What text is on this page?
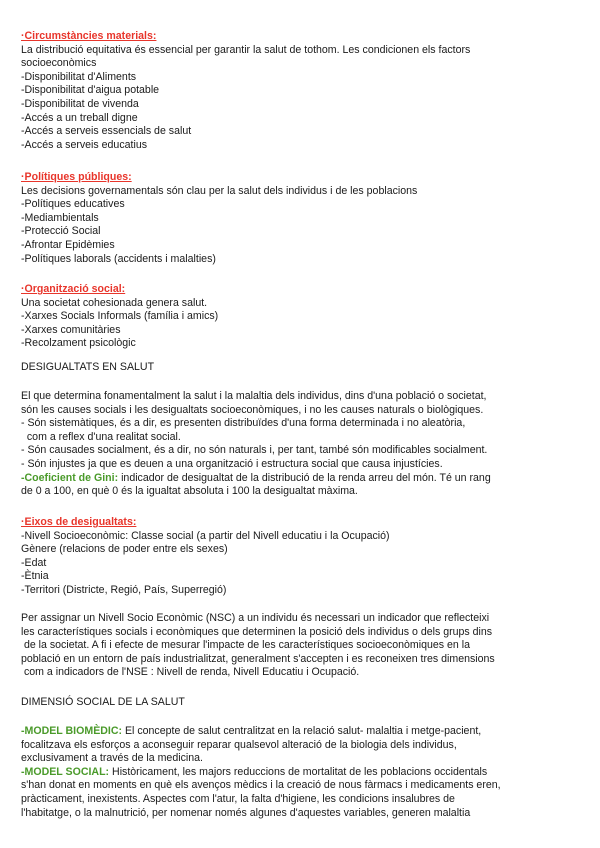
·Circumstàncies materials:
La distribució equitativa és essencial per garantir la salut de tothom. Les condicionen els factors
socioeconòmics
-Disponibilitat d'Aliments
-Disponibilitat d'aigua potable
-Disponibilitat de vivenda
-Accés a un treball digne
-Accés a serveis essencials de salut
-Accés a serveis educatius
·Polítiques públiques:
Les decisions governamentals són clau per la salut dels individus i de les poblacions
-Polítiques educatives
-Mediambientals
-Protecció Social
-Afrontar Epidèmies
-Polítiques laborals (accidents i malalties)
·Organització social:
Una societat cohesionada genera salut.
-Xarxes Socials Informals (família i amics)
-Xarxes comunitàries
-Recolzament psicològic
DESIGUALTATS EN SALUT
El que determina fonamentalment la salut i la malaltia dels individus, dins d'una població o societat,
són les causes socials i les desigualtats socioeconòmiques, i no les causes naturals o biològiques.
- Són sistemàtiques, és a dir, es presenten distribuïdes d'una forma determinada i no aleatòria,
com a reflex d'una realitat social.
- Són causades socialment, és a dir, no són naturals i, per tant, també són modificables socialment.
- Són injustes ja que es deuen a una organització i estructura social que causa injustícies.
-Coeficient de Gini: indicador de desigualtat de la distribució de la renda arreu del món. Té un rang
de 0 a 100, en què 0 és la igualtat absoluta i 100 la desigualtat màxima.
·Eixos de desigualtats:
-Nivell Socioeconòmic: Classe social (a partir del Nivell educatiu i la Ocupació)
Gènere (relacions de poder entre els sexes)
-Edat
-Ètnia
-Territori (Districte, Regió, País, Superregió)
Per assignar un Nivell Socio Econòmic (NSC) a un individu és necessari un indicador que reflecteixi
les característiques socials i econòmiques que determinen la posició dels individus o dels grups dins
de la societat. A fi i efecte de mesurar l'impacte de les característiques socioeconòmiques en la
població en un entorn de país industrialitzat, generalment s'accepten i es reconeixen tres dimensions
com a indicadors de l'NSE : Nivell de renda, Nivell Educatiu i Ocupació.
DIMENSIÓ SOCIAL DE LA SALUT
-MODEL BIOMÈDIC: El concepte de salut centralitzat en la relació salut- malaltia i metge-pacient,
focalitzava els esforços a aconseguir reparar qualsevol alteració de la biologia dels individus,
exclusivament a través de la medicina.
-MODEL SOCIAL: Històricament, les majors reduccions de mortalitat de les poblacions occidentals
s'han donat en moments en què els avenços mèdics i la creació de nous fàrmacs i medicaments eren,
pràcticament, inexistents. Aspectes com l'atur, la falta d'higiene, les condicions insalubres de
l'habitatge, o la malnutrició, per nomenar només algunes d'aquestes variables, generen malaltia
